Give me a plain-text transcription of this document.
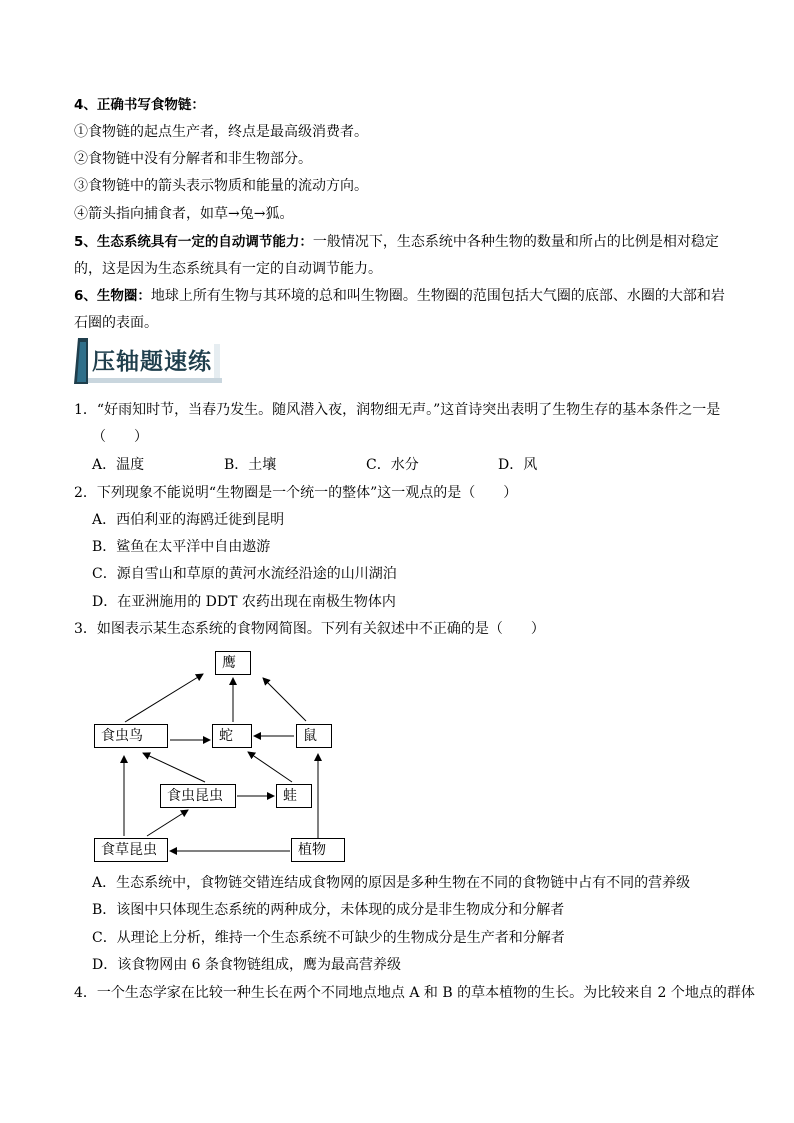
4、正确书写食物链：
①食物链的起点生产者，终点是最高级消费者。
②食物链中没有分解者和非生物部分。
③食物链中的箭头表示物质和能量的流动方向。
④箭头指向捕食者，如草→兔→狐。
5、生态系统具有一定的自动调节能力：一般情况下，生态系统中各种生物的数量和所占的比例是相对稳定
的，这是因为生态系统具有一定的自动调节能力。
6、生物圈：地球上所有生物与其环境的总和叫生物圈。生物圈的范围包括大气圈的底部、水圈的大部和岩
石圈的表面。
压轴题速练
1．“好雨知时节，当春乃发生。随风潜入夜，润物细无声。”这首诗突出表明了生物生存的基本条件之一是
（　　）
A．温度	B．土壤	C．水分	D．风
2．下列现象不能说明“生物圈是一个统一的整体”这一观点的是（　　）
A．西伯利亚的海鸥迁徙到昆明
B．鲨鱼在太平洋中自由遨游
C．源自雪山和草原的黄河水流经沿途的山川湖泊
D．在亚洲施用的 DDT 农药出现在南极生物体内
3．如图表示某生态系统的食物网简图。下列有关叙述中不正确的是（　　）
鹰
食虫鸟	蛇	鼠
食虫昆虫	蛙
食草昆虫	植物
A．生态系统中，食物链交错连结成食物网的原因是多种生物在不同的食物链中占有不同的营养级
B．该图中只体现生态系统的两种成分，未体现的成分是非生物成分和分解者
C．从理论上分析，维持一个生态系统不可缺少的生物成分是生产者和分解者
D．该食物网由 6 条食物链组成，鹰为最高营养级
4．一个生态学家在比较一种生长在两个不同地点地点 A 和 B 的草本植物的生长。为比较来自 2 个地点的群体
